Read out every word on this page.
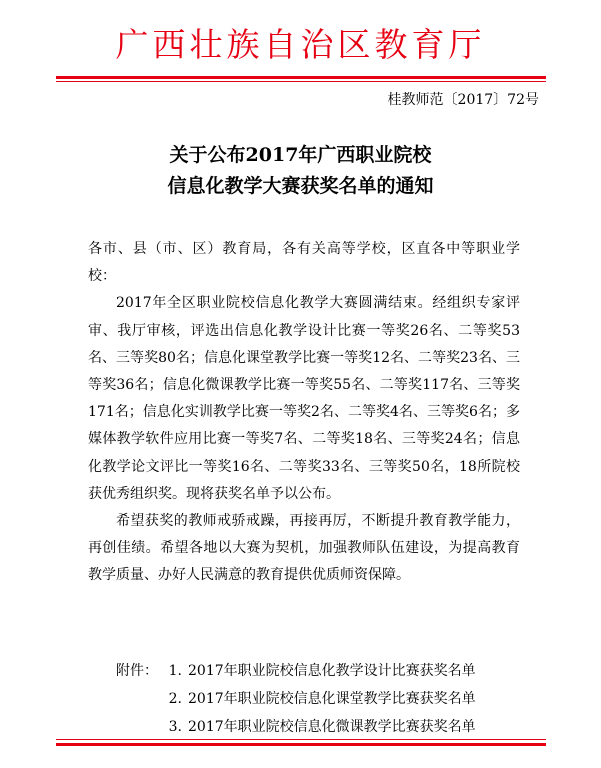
广西壮族自治区教育厅
桂教师范〔2017〕72号
关于公布2017年广西职业院校
信息化教学大赛获奖名单的通知

各市、县（市、区）教育局，各有关高等学校，区直各中等职业学校：

2017年全区职业院校信息化教学大赛圆满结束。经组织专家评审、我厅审核，评选出信息化教学设计比赛一等奖26名、二等奖53名、三等奖80名；信息化课堂教学比赛一等奖12名、二等奖23名、三等奖36名；信息化微课教学比赛一等奖55名、二等奖117名、三等奖171名；信息化实训教学比赛一等奖2名、二等奖4名、三等奖6名；多媒体教学软件应用比赛一等奖7名、二等奖18名、三等奖24名；信息化教学论文评比一等奖16名、二等奖33名、三等奖50名，18所院校获优秀组织奖。现将获奖名单予以公布。

希望获奖的教师戒骄戒躁，再接再厉，不断提升教育教学能力，再创佳绩。希望各地以大赛为契机，加强教师队伍建设，为提高教育教学质量、办好人民满意的教育提供优质师资保障。

附件： 1. 2017年职业院校信息化教学设计比赛获奖名单
2. 2017年职业院校信息化课堂教学比赛获奖名单
3. 2017年职业院校信息化微课教学比赛获奖名单
